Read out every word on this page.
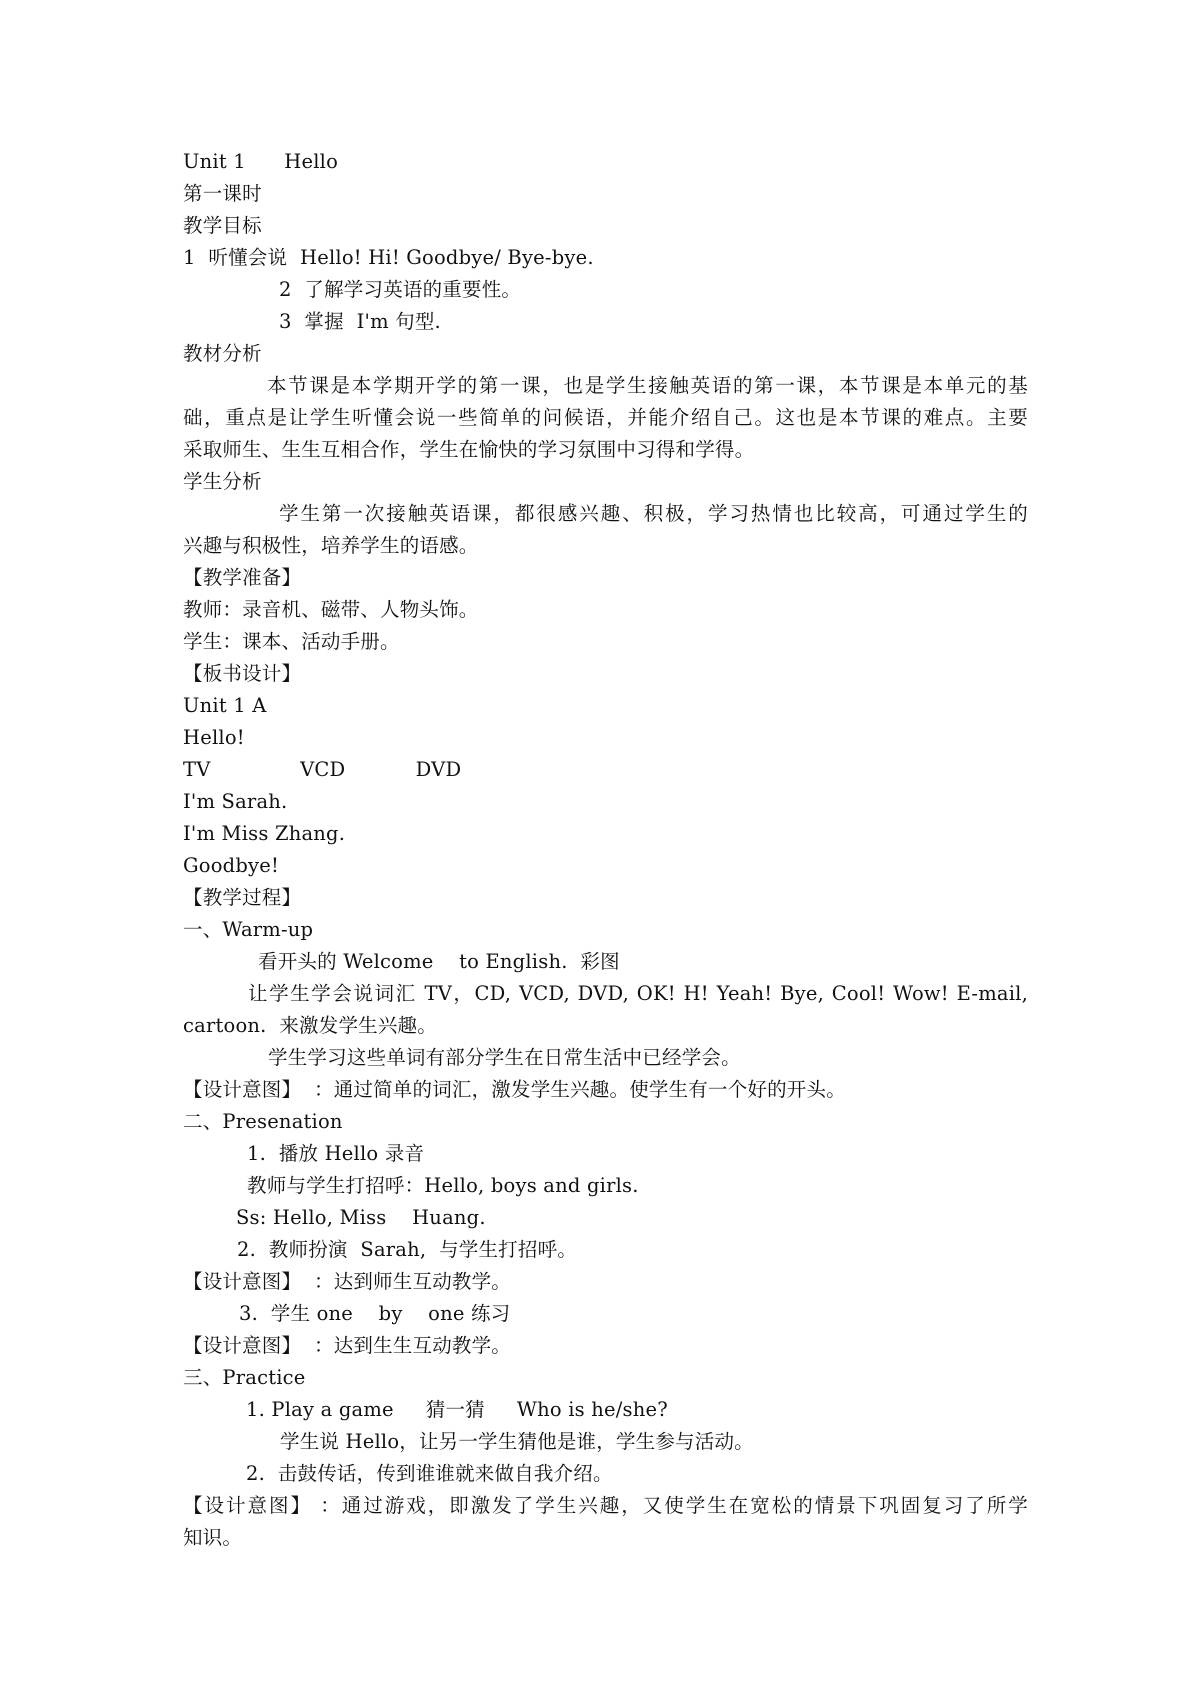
Unit 1      Hello
第一课时
教学目标
1  听懂会说  Hello! Hi! Goodbye/ Bye-bye.
2  了解学习英语的重要性。
3  掌握  I'm 句型.
教材分析
本节课是本学期开学的第一课，也是学生接触英语的第一课，本节课是本单元的基
础，重点是让学生听懂会说一些简单的问候语，并能介绍自己。这也是本节课的难点。主要
采取师生、生生互相合作，学生在愉快的学习氛围中习得和学得。
学生分析
学生第一次接触英语课，都很感兴趣、积极，学习热情也比较高，可通过学生的
兴趣与积极性，培养学生的语感。
【教学准备】
教师：录音机、磁带、人物头饰。
学生：课本、活动手册。
【板书设计】
Unit 1 A
Hello!
TV              VCD           DVD
I'm Sarah.
I'm Miss Zhang.
Goodbye!
【教学过程】
一、Warm-up
看开头的 Welcome    to English.  彩图
让学生学会说词汇 TV，CD, VCD, DVD, OK! H! Yeah! Bye, Cool! Wow! E-mail,
cartoon.  来激发学生兴趣。
学生学习这些单词有部分学生在日常生活中已经学会。
【设计意图】  ：通过简单的词汇，激发学生兴趣。使学生有一个好的开头。
二、Presenation
1.  播放 Hello 录音
教师与学生打招呼：Hello, boys and girls.
Ss: Hello, Miss    Huang.
2.  教师扮演  Sarah,  与学生打招呼。
【设计意图】  ：达到师生互动教学。
3.  学生 one    by    one 练习
【设计意图】  ：达到生生互动教学。
三、Practice
1. Play a game     猜一猜     Who is he/she?
学生说 Hello，让另一学生猜他是谁，学生参与活动。
2.  击鼓传话，传到谁谁就来做自我介绍。
【设计意图】 ：通过游戏，即激发了学生兴趣，又使学生在宽松的情景下巩固复习了所学
知识。
